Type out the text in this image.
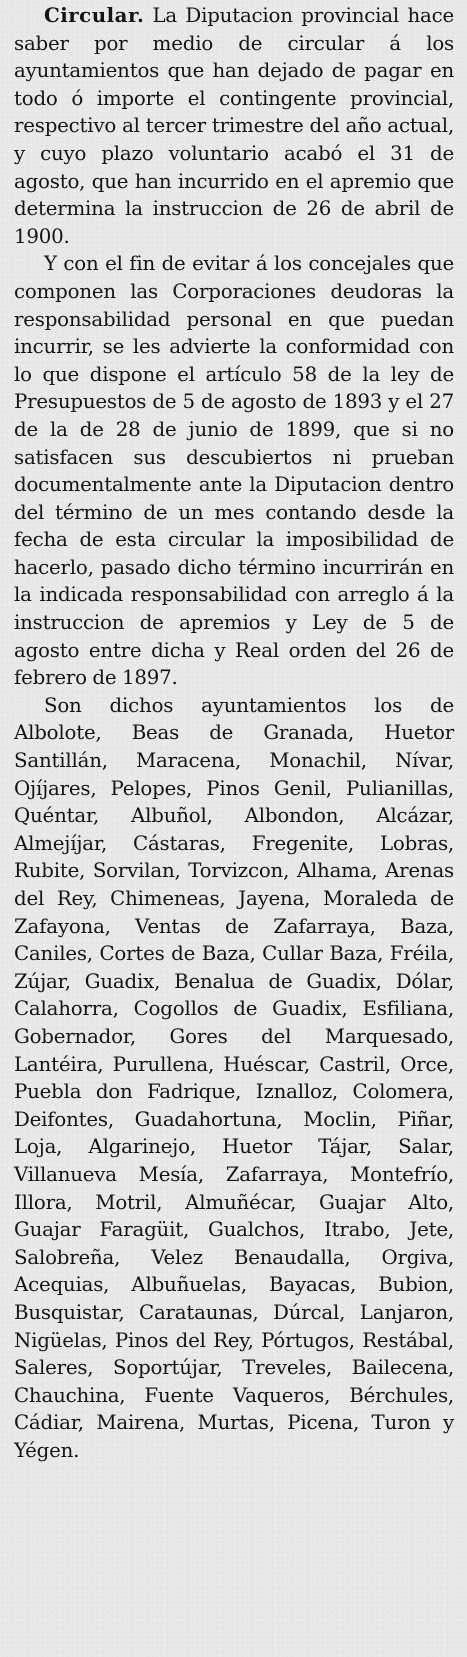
Circular. La Diputacion provincial hace saber por medio de circular á los ayuntamientos que han dejado de pagar en todo ó importe el contingente provincial, respectivo al tercer trimestre del año actual, y cuyo plazo voluntario acabó el 31 de agosto, que han incurrido en el apremio que determina la instruccion de 26 de abril de 1900.

Y con el fin de evitar á los concejales que componen las Corporaciones deudoras la responsabilidad personal en que puedan incurrir, se les advierte la conformidad con lo que dispone el artículo 58 de la ley de Presupuestos de 5 de agosto de 1893 y el 27 de la de 28 de junio de 1899, que si no satisfacen sus descubiertos ni prueban documentalmente ante la Diputacion dentro del término de un mes contando desde la fecha de esta circular la imposibilidad de hacerlo, pasado dicho término incurrirán en la indicada responsabilidad con arreglo á la instruccion de apremios y Ley de 5 de agosto entre dicha y Real orden del 26 de febrero de 1897.

Son dichos ayuntamientos los de Albolote, Beas de Granada, Huetor Santillán, Maracena, Monachil, Nívar, Ojíjares, Pelopes, Pinos Genil, Pulianillas, Quéntar, Albuñol, Albondon, Alcázar, Almejíjar, Cástaras, Fregenite, Lobras, Rubite, Sorvilan, Torvizcon, Alhama, Arenas del Rey, Chimeneas, Jayena, Moraleda de Zafayona, Ventas de Zafarraya, Baza, Caniles, Cortes de Baza, Cullar Baza, Fréila, Zújar, Guadix, Benalua de Guadix, Dólar, Calahorra, Cogollos de Guadix, Esfiliana, Gobernador, Gores del Marquesado, Lantéira, Purullena, Huéscar, Castril, Orce, Puebla don Fadrique, Iznalloz, Colomera, Deifontes, Guadahortuna, Moclin, Piñar, Loja, Algarinejo, Huetor Tájar, Salar, Villanueva Mesía, Zafarraya, Montefrío, Illora, Motril, Almuñécar, Guajar Alto, Guajar Faragüit, Gualchos, Itrabo, Jete, Salobreña, Velez Benaudalla, Orgiva, Acequias, Albuñuelas, Bayacas, Bubion, Busquistar, Carataunas, Dúrcal, Lanjaron, Nigüelas, Pinos del Rey, Pórtugos, Restábal, Saleres, Soportújar, Treveles, Bailecena, Chauchina, Fuente Vaqueros, Bérchules, Cádiar, Mairena, Murtas, Picena, Turon y Yégen.
